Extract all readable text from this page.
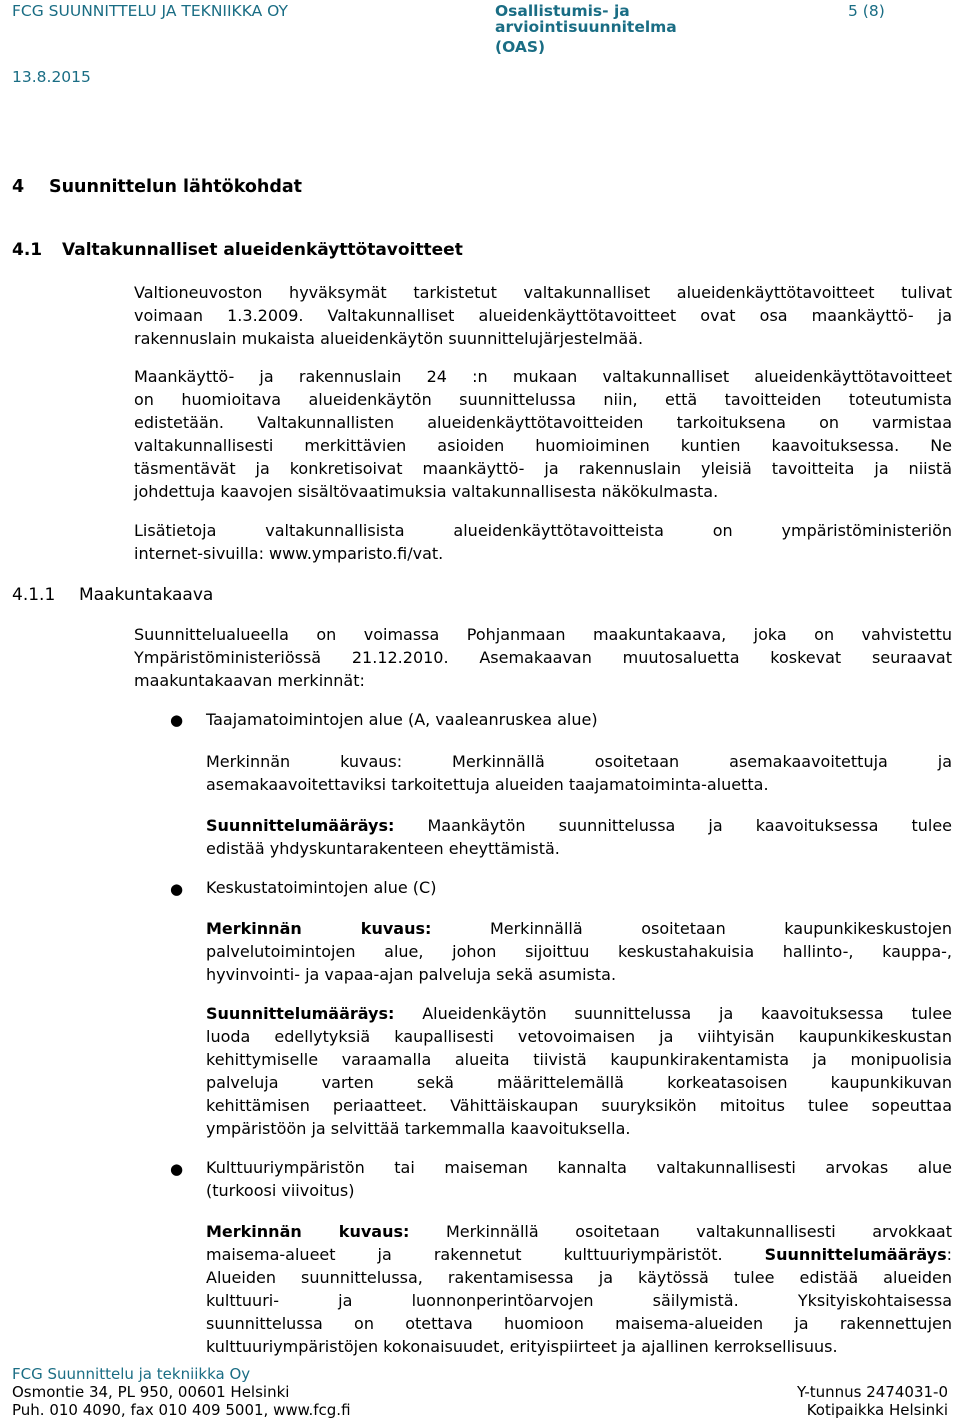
FCG SUUNNITTELU JA TEKNIIKKA OY	Osallistumis- ja
arviointisuunnitelma
(OAS)
5 (8)
13.8.2015
4 Suunnittelun lähtökohdat
4.1 Valtakunnalliset alueidenkäyttötavoitteet
Valtioneuvoston hyväksymät tarkistetut valtakunnalliset alueidenkäyttötavoitteet tulivat
voimaan 1.3.2009. Valtakunnalliset alueidenkäyttötavoitteet ovat osa maankäyttö- ja
rakennuslain mukaista alueidenkäytön suunnittelujärjestelmää.
Maankäyttö- ja rakennuslain 24 :n mukaan valtakunnalliset alueidenkäyttötavoitteet
on huomioitava alueidenkäytön suunnittelussa niin, että tavoitteiden toteutumista
edistetään. Valtakunnallisten alueidenkäyttötavoitteiden tarkoituksena on varmistaa
valtakunnallisesti merkittävien asioiden huomioiminen kuntien kaavoituksessa. Ne
täsmentävät ja konkretisoivat maankäyttö- ja rakennuslain yleisiä tavoitteita ja niistä
johdettuja kaavojen sisältövaatimuksia valtakunnallisesta näkökulmasta.
Lisätietoja valtakunnallisista alueidenkäyttötavoitteista on ympäristöministeriön
internet-sivuilla: www.ymparisto.fi/vat.
4.1.1 Maakuntakaava
Suunnittelualueella on voimassa Pohjanmaan maakuntakaava, joka on vahvistettu
Ympäristöministeriössä 21.12.2010. Asemakaavan muutosaluetta koskevat seuraavat
maakuntakaavan merkinnät:
● Taajamatoimintojen alue (A, vaaleanruskea alue)
Merkinnän kuvaus: Merkinnällä osoitetaan asemakaavoitettuja ja
asemakaavoitettaviksi tarkoitettuja alueiden taajamatoiminta-aluetta.
Suunnittelumääräys: Maankäytön suunnittelussa ja kaavoituksessa tulee
edistää yhdyskuntarakenteen eheyttämistä.
● Keskustatoimintojen alue (C)
Merkinnän kuvaus: Merkinnällä osoitetaan kaupunkikeskustojen
palvelutoimintojen alue, johon sijoittuu keskustahakuisia hallinto-, kauppa-,
hyvinvointi- ja vapaa-ajan palveluja sekä asumista.
Suunnittelumääräys: Alueidenkäytön suunnittelussa ja kaavoituksessa tulee
luoda edellytyksiä kaupallisesti vetovoimaisen ja viihtyisän kaupunkikeskustan
kehittymiselle varaamalla alueita tiivistä kaupunkirakentamista ja monipuolisia
palveluja varten sekä määrittelemällä korkeatasoisen kaupunkikuvan
kehittämisen periaatteet. Vähittäiskaupan suuryksikön mitoitus tulee sopeuttaa
ympäristöön ja selvittää tarkemmalla kaavoituksella.
● Kulttuuriympäristön tai maiseman kannalta valtakunnallisesti arvokas alue
(turkoosi viivoitus)
Merkinnän kuvaus: Merkinnällä osoitetaan valtakunnallisesti arvokkaat
maisema-alueet ja rakennetut kulttuuriympäristöt. Suunnittelumääräys:
Alueiden suunnittelussa, rakentamisessa ja käytössä tulee edistää alueiden
kulttuuri- ja luonnonperintöarvojen säilymistä. Yksityiskohtaisessa
suunnittelussa on otettava huomioon maisema-alueiden ja rakennettujen
kulttuuriympäristöjen kokonaisuudet, erityispiirteet ja ajallinen kerroksellisuus.
FCG Suunnittelu ja tekniikka Oy
Osmontie 34, PL 950, 00601 Helsinki
Puh. 010 4090, fax 010 409 5001, www.fcg.fi
Y-tunnus 2474031-0
Kotipaikka Helsinki
